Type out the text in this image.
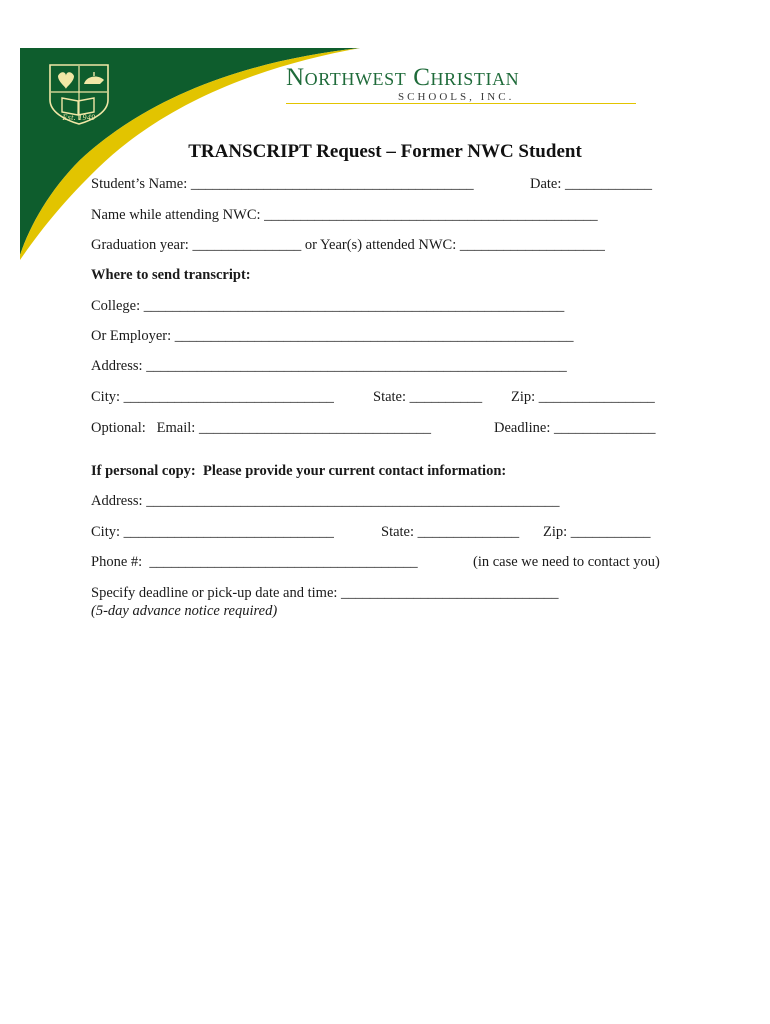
Est. 1949
Northwest Christian
SCHOOLS, INC.
TRANSCRIPT Request – Former NWC Student
Student’s Name: _______________________________________	Date: ____________
Name while attending NWC: ______________________________________________
Graduation year: _______________ or Year(s) attended NWC: ____________________
Where to send transcript:
College: __________________________________________________________
Or Employer: _______________________________________________________
Address: __________________________________________________________
City: _____________________________	State: __________ Zip: ________________
Optional:   Email: ________________________________	Deadline: ______________
If personal copy:  Please provide your current contact information:
Address: _________________________________________________________
City: _____________________________	State: ______________ Zip: ___________
Phone #: _____________________________________	(in case we need to contact you)
Specify deadline or pick-up date and time: ______________________________
(5-day advance notice required)
